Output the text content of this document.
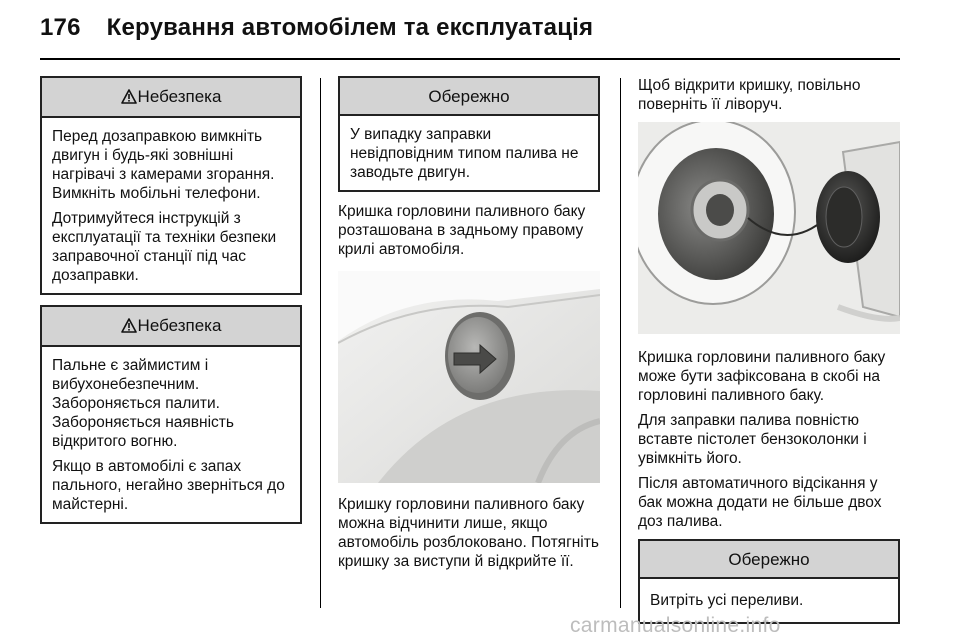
176 Керування автомобілем та експлуатація
Небезпека

Перед дозаправкою вимкніть двигун і будь-які зовнішні нагрівачі з камерами згорання. Вимкніть мобільні телефони.

Дотримуйтеся інструкцій з експлуатації та техніки безпеки заправочної станції під час дозаправки.

Небезпека

Пальне є займистим і вибухонебезпечним. Забороняється палити. Забороняється наявність відкритого вогню.

Якщо в автомобілі є запах пального, негайно зверніться до майстерні.

Обережно

У випадку заправки невідповідним типом палива не заводьте двигун.

Кришка горловини паливного баку розташована в задньому правому крилі автомобіля.

Кришку горловини паливного баку можна відчинити лише, якщо автомобіль розблоковано. Потягніть кришку за виступи й відкрийте її.

Щоб відкрити кришку, повільно поверніть її ліворуч.

Кришка горловини паливного баку може бути зафіксована в скобі на горловині паливного баку.

Для заправки палива повністю вставте пістолет бензоколонки і увімкніть його.

Після автоматичного відсікання у бак можна додати не більше двох доз палива.

Обережно

Витріть усі переливи.

carmanualsonline.info
